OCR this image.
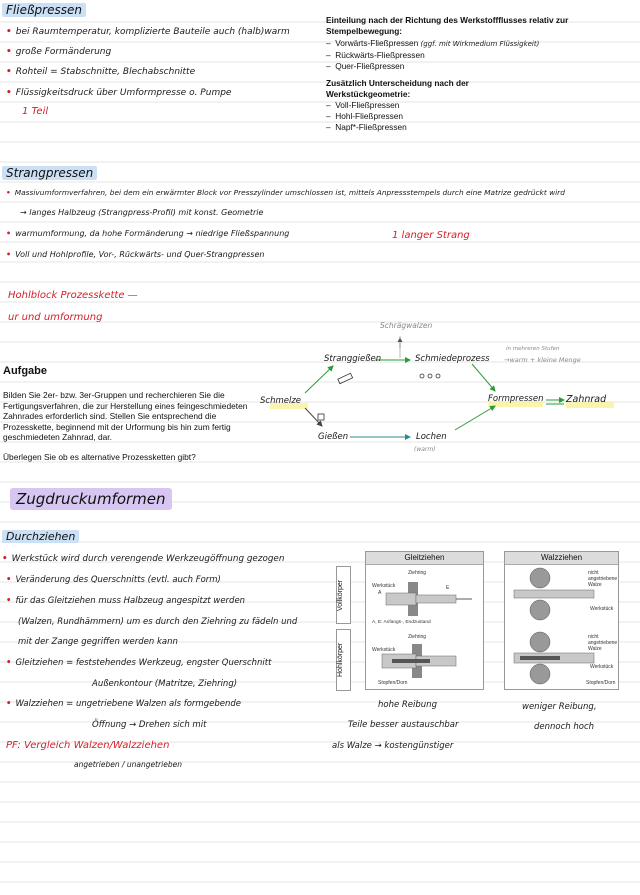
Fließpressen
• bei Raumtemperatur, komplizierte Bauteile auch (halb)warm
• große Formänderung
• Rohteil = Stabschnitte, Blechabschnitte
• Flüssigkeitsdruck über Umformpresse o. Pumpe
1 Teil
Einteilung nach der Richtung des Werkstoffflusses relativ zur Stempelbewegung:
–  Vorwärts-Fließpressen (ggf. mit Wirkmedium Flüssigkeit)
–  Rückwärts-Fließpressen
–  Quer-Fließpressen
Zusätzlich Unterscheidung nach der Werkstückgeometrie:
–  Voll-Fließpressen
–  Hohl-Fließpressen
–  Napf*-Fließpressen
Strangpressen
• Massivumformverfahren, bei dem ein erwärmter Block vor Presszylinder umschlossen ist, mittels Anpressstempels durch eine Matrize gedrückt wird
→ langes Halbzeug (Strangpress-Profil) mit konst. Geometrie
• warmumformung, da hohe Formänderung → niedrige Fließspannung	1 langer Strang
• Voll und Hohlprofile, Vor-, Rückwärts- und Quer-Strangpressen
Hohlblock Prozesskette —
ur und umformung
Aufgabe
Bilden Sie 2er- bzw. 3er-Gruppen und recherchieren Sie die Fertigungsverfahren, die zur Herstellung eines feingeschmiedeten Zahnrades erforderlich sind. Stellen Sie entsprechend die Prozesskette, beginnend mit der Urformung bis hin zum fertig geschmiedeten Zahnrad, dar.
Überlegen Sie ob es alternative Prozessketten gibt?
Schmelze
Stranggießen	Schmiedeprozess
Formpressen Zahnrad
Gießen	Lochen
(warm)
Schrägwalzen
in mehreren Stufen
→warm + kleine Menge
Zugdruckumformen
Durchziehen
• Werkstück wird durch verengende Werkzeugöffnung gezogen
• Veränderung des Querschnitts (evtl. auch Form)
• für das Gleitziehen muss Halbzeug angespitzt werden
(Walzen, Rundhämmern) um es durch den Ziehring zu fädeln und
mit der Zange gegriffen werden kann
• Gleitziehen = feststehendes Werkzeug, engster Querschnitt
Außenkontour (Matritze, Ziehring)
• Walzziehen = ungetriebene Walzen als formgebende
Öffnung → Drehen sich mit
hohe Reibung
Teile besser austauschbar
als Walze → kostengünstiger
weniger Reibung,
dennoch hoch
PF: Vergleich Walzen/Walzziehen
angetrieben / unangetrieben
Gleitziehen	Walzziehen
Vollkörper
Hohlkörper
Ziehring
Werkstück
A
E
A, E: Anfangs-, Endzustand
Ziehring
Werkstück
Stopfen/Dorn
nicht angetriebene Walze
Werkstück
nicht angetriebene Walze
Werkstück
Stopfen/Dorn
